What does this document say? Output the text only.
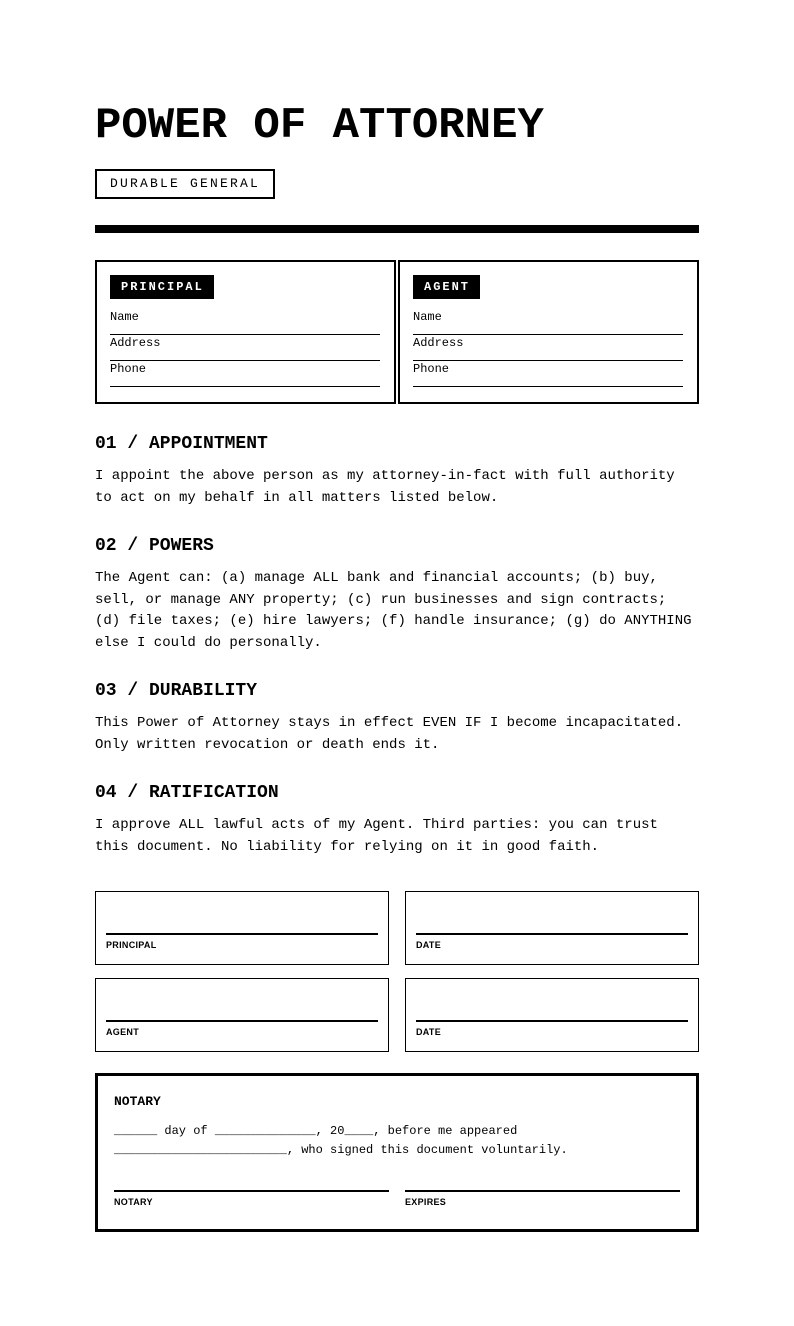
POWER OF ATTORNEY
DURABLE GENERAL
PRINCIPAL
Name
Address
Phone
AGENT
Name
Address
Phone
01 / APPOINTMENT

I appoint the above person as my attorney-in-fact with full authority to act on my behalf in all matters listed below.

02 / POWERS

The Agent can: (a) manage ALL bank and financial accounts; (b) buy, sell, or manage ANY property; (c) run businesses and sign contracts; (d) file taxes; (e) hire lawyers; (f) handle insurance; (g) do ANYTHING else I could do personally.

03 / DURABILITY

This Power of Attorney stays in effect EVEN IF I become incapacitated. Only written revocation or death ends it.

04 / RATIFICATION

I approve ALL lawful acts of my Agent. Third parties: you can trust this document. No liability for relying on it in good faith.

PRINCIPAL	DATE
AGENT	DATE
NOTARY

______ day of ______________, 20____, before me appeared
________________________, who signed this document voluntarily.

NOTARY	EXPIRES
